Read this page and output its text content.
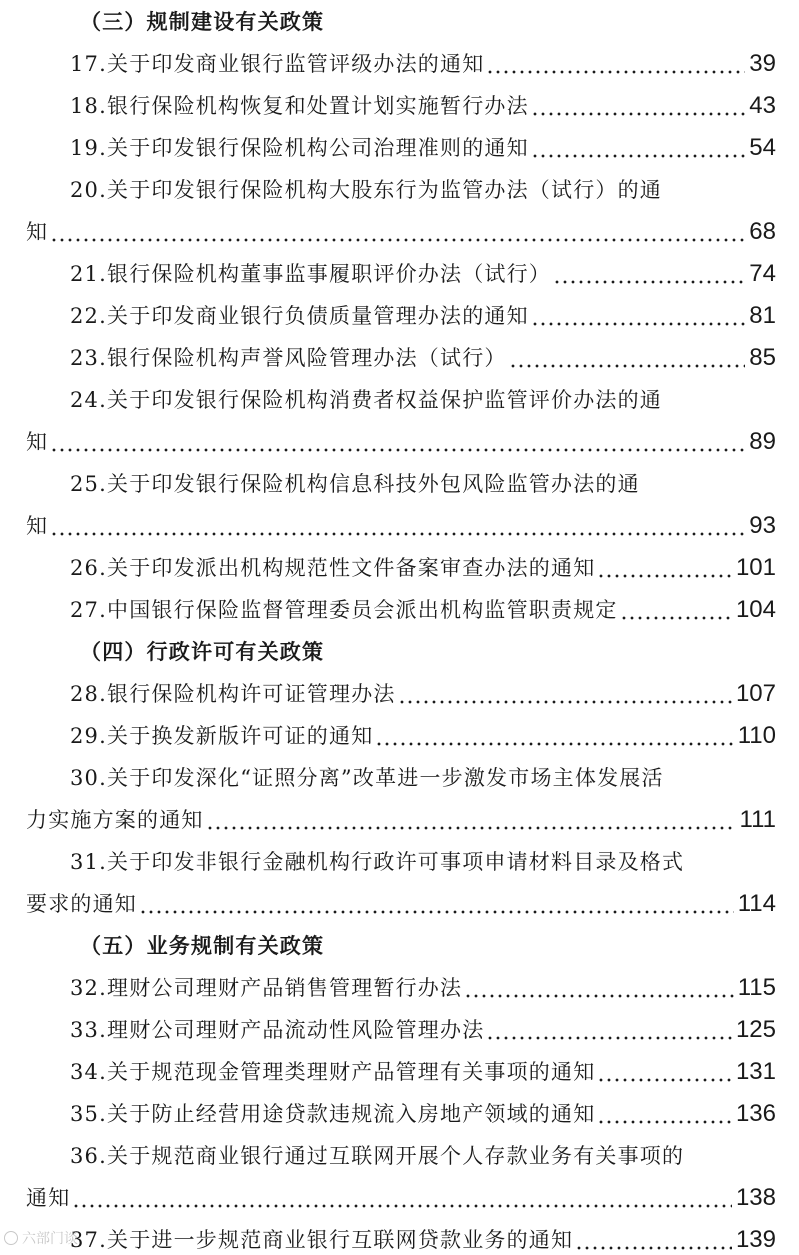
（三）规制建设有关政策
17.关于印发商业银行监管评级办法的通知	39
18.银行保险机构恢复和处置计划实施暂行办法	43
19.关于印发银行保险机构公司治理准则的通知	54
20.关于印发银行保险机构大股东行为监管办法（试行）的通
知	68
21.银行保险机构董事监事履职评价办法（试行）	74
22.关于印发商业银行负债质量管理办法的通知	81
23.银行保险机构声誉风险管理办法（试行）	85
24.关于印发银行保险机构消费者权益保护监管评价办法的通
知	89
25.关于印发银行保险机构信息科技外包风险监管办法的通
知	93
26.关于印发派出机构规范性文件备案审查办法的通知	101
27.中国银行保险监督管理委员会派出机构监管职责规定	104
（四）行政许可有关政策
28.银行保险机构许可证管理办法	107
29.关于换发新版许可证的通知	110
30.关于印发深化“证照分离”改革进一步激发市场主体发展活
力实施方案的通知	111
31.关于印发非银行金融机构行政许可事项申请材料目录及格式
要求的通知	114
（五）业务规制有关政策
32.理财公司理财产品销售管理暂行办法	115
33.理财公司理财产品流动性风险管理办法	125
34.关于规范现金管理类理财产品管理有关事项的通知	131
35.关于防止经营用途贷款违规流入房地产领域的通知	136
36.关于规范商业银行通过互联网开展个人存款业务有关事项的
通知	138
37.关于进一步规范商业银行互联网贷款业务的通知	139
六部门谈
